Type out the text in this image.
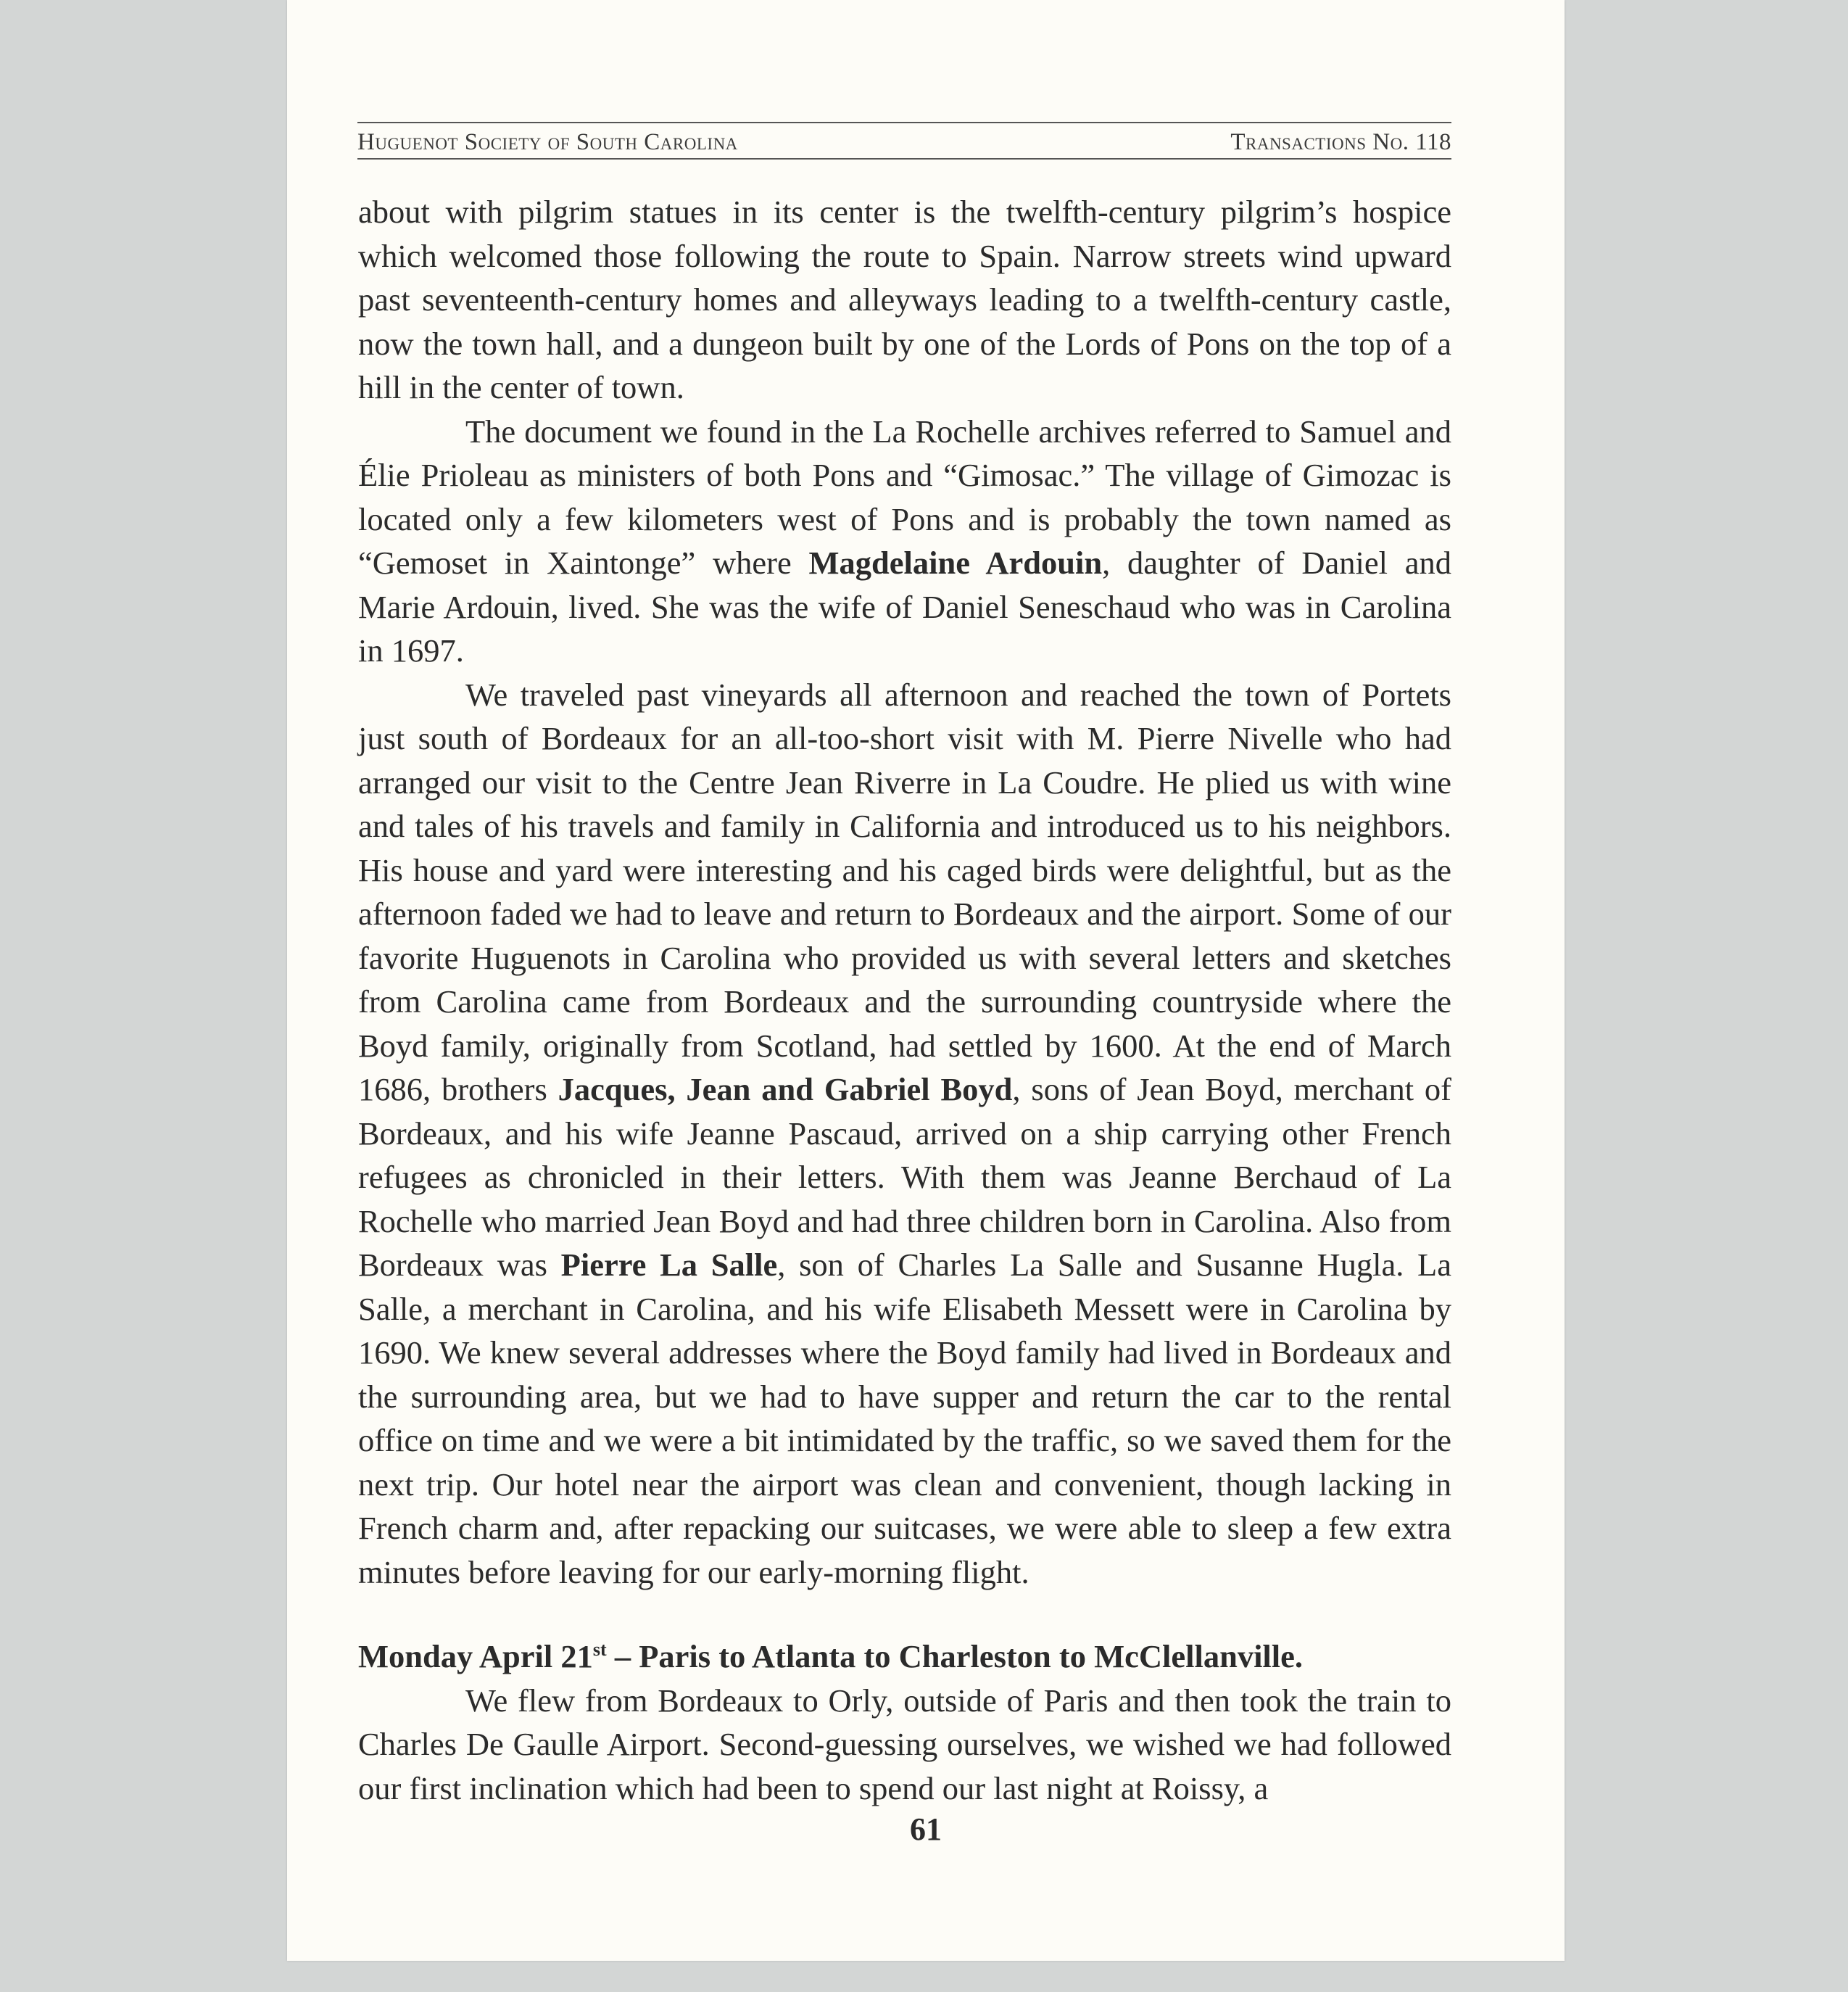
Huguenot Society of South Carolina	Transactions No. 118

about with pilgrim statues in its center is the twelfth-century pilgrim’s hospice which welcomed those following the route to Spain. Narrow streets wind upward past seventeenth-century homes and alleyways leading to a twelfth-century castle, now the town hall, and a dungeon built by one of the Lords of Pons on the top of a hill in the center of town.

The document we found in the La Rochelle archives referred to Samuel and Élie Prioleau as ministers of both Pons and “Gimosac.” The village of Gimozac is located only a few kilometers west of Pons and is probably the town named as “Gemoset in Xaintonge” where Magdelaine Ardouin, daughter of Daniel and Marie Ardouin, lived. She was the wife of Daniel Seneschaud who was in Carolina in 1697.

We traveled past vineyards all afternoon and reached the town of Portets just south of Bordeaux for an all-too-short visit with M. Pierre Nivelle who had arranged our visit to the Centre Jean Riverre in La Coudre. He plied us with wine and tales of his travels and family in California and introduced us to his neighbors. His house and yard were interesting and his caged birds were delightful, but as the afternoon faded we had to leave and return to Bordeaux and the airport. Some of our favorite Huguenots in Carolina who provided us with several letters and sketches from Carolina came from Bordeaux and the surrounding countryside where the Boyd family, originally from Scotland, had settled by 1600. At the end of March 1686, brothers Jacques, Jean and Gabriel Boyd, sons of Jean Boyd, merchant of Bordeaux, and his wife Jeanne Pascaud, arrived on a ship carrying other French refugees as chronicled in their letters. With them was Jeanne Berchaud of La Rochelle who married Jean Boyd and had three children born in Carolina. Also from Bordeaux was Pierre La Salle, son of Charles La Salle and Susanne Hugla. La Salle, a merchant in Carolina, and his wife Elisabeth Messett were in Carolina by 1690. We knew several addresses where the Boyd family had lived in Bordeaux and the surrounding area, but we had to have supper and return the car to the rental office on time and we were a bit intimidated by the traffic, so we saved them for the next trip. Our hotel near the airport was clean and convenient, though lacking in French charm and, after repacking our suitcases, we were able to sleep a few extra minutes before leaving for our early-morning flight.

Monday April 21st – Paris to Atlanta to Charleston to McClellanville.

We flew from Bordeaux to Orly, outside of Paris and then took the train to Charles De Gaulle Airport. Second-guessing ourselves, we wished we had followed our first inclination which had been to spend our last night at Roissy, a

61
